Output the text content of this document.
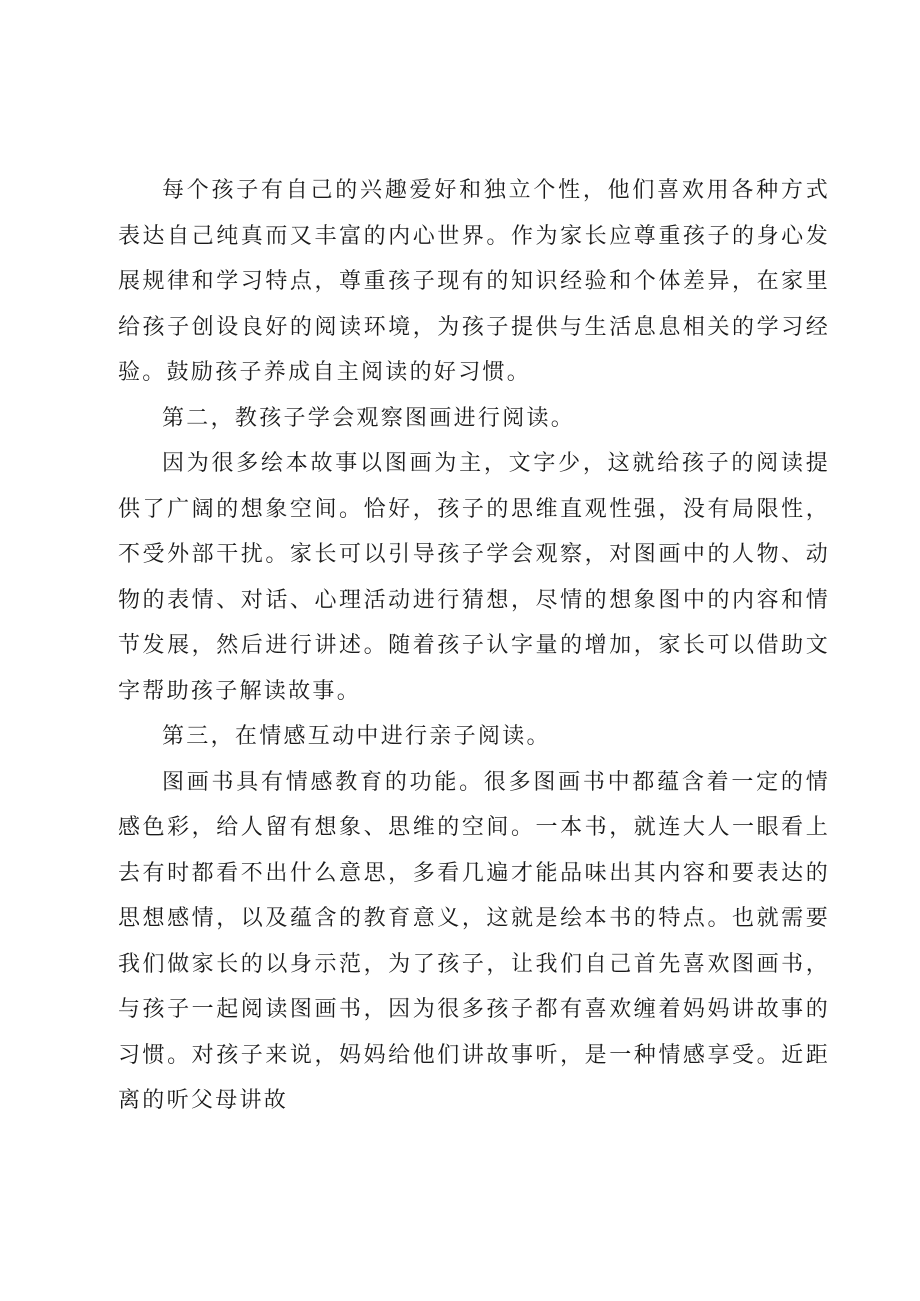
每个孩子有自己的兴趣爱好和独立个性，他们喜欢用各种方式表达自己纯真而又丰富的内心世界。作为家长应尊重孩子的身心发展规律和学习特点，尊重孩子现有的知识经验和个体差异，在家里给孩子创设良好的阅读环境，为孩子提供与生活息息相关的学习经验。鼓励孩子养成自主阅读的好习惯。

第二，教孩子学会观察图画进行阅读。

因为很多绘本故事以图画为主，文字少，这就给孩子的阅读提供了广阔的想象空间。恰好，孩子的思维直观性强，没有局限性，不受外部干扰。家长可以引导孩子学会观察，对图画中的人物、动物的表情、对话、心理活动进行猜想，尽情的想象图中的内容和情节发展，然后进行讲述。随着孩子认字量的增加，家长可以借助文字帮助孩子解读故事。

第三，在情感互动中进行亲子阅读。

图画书具有情感教育的功能。很多图画书中都蕴含着一定的情感色彩，给人留有想象、思维的空间。一本书，就连大人一眼看上去有时都看不出什么意思，多看几遍才能品味出其内容和要表达的思想感情，以及蕴含的教育意义，这就是绘本书的特点。也就需要我们做家长的以身示范，为了孩子，让我们自己首先喜欢图画书，与孩子一起阅读图画书，因为很多孩子都有喜欢缠着妈妈讲故事的习惯。对孩子来说，妈妈给他们讲故事听，是一种情感享受。近距离的听父母讲故
